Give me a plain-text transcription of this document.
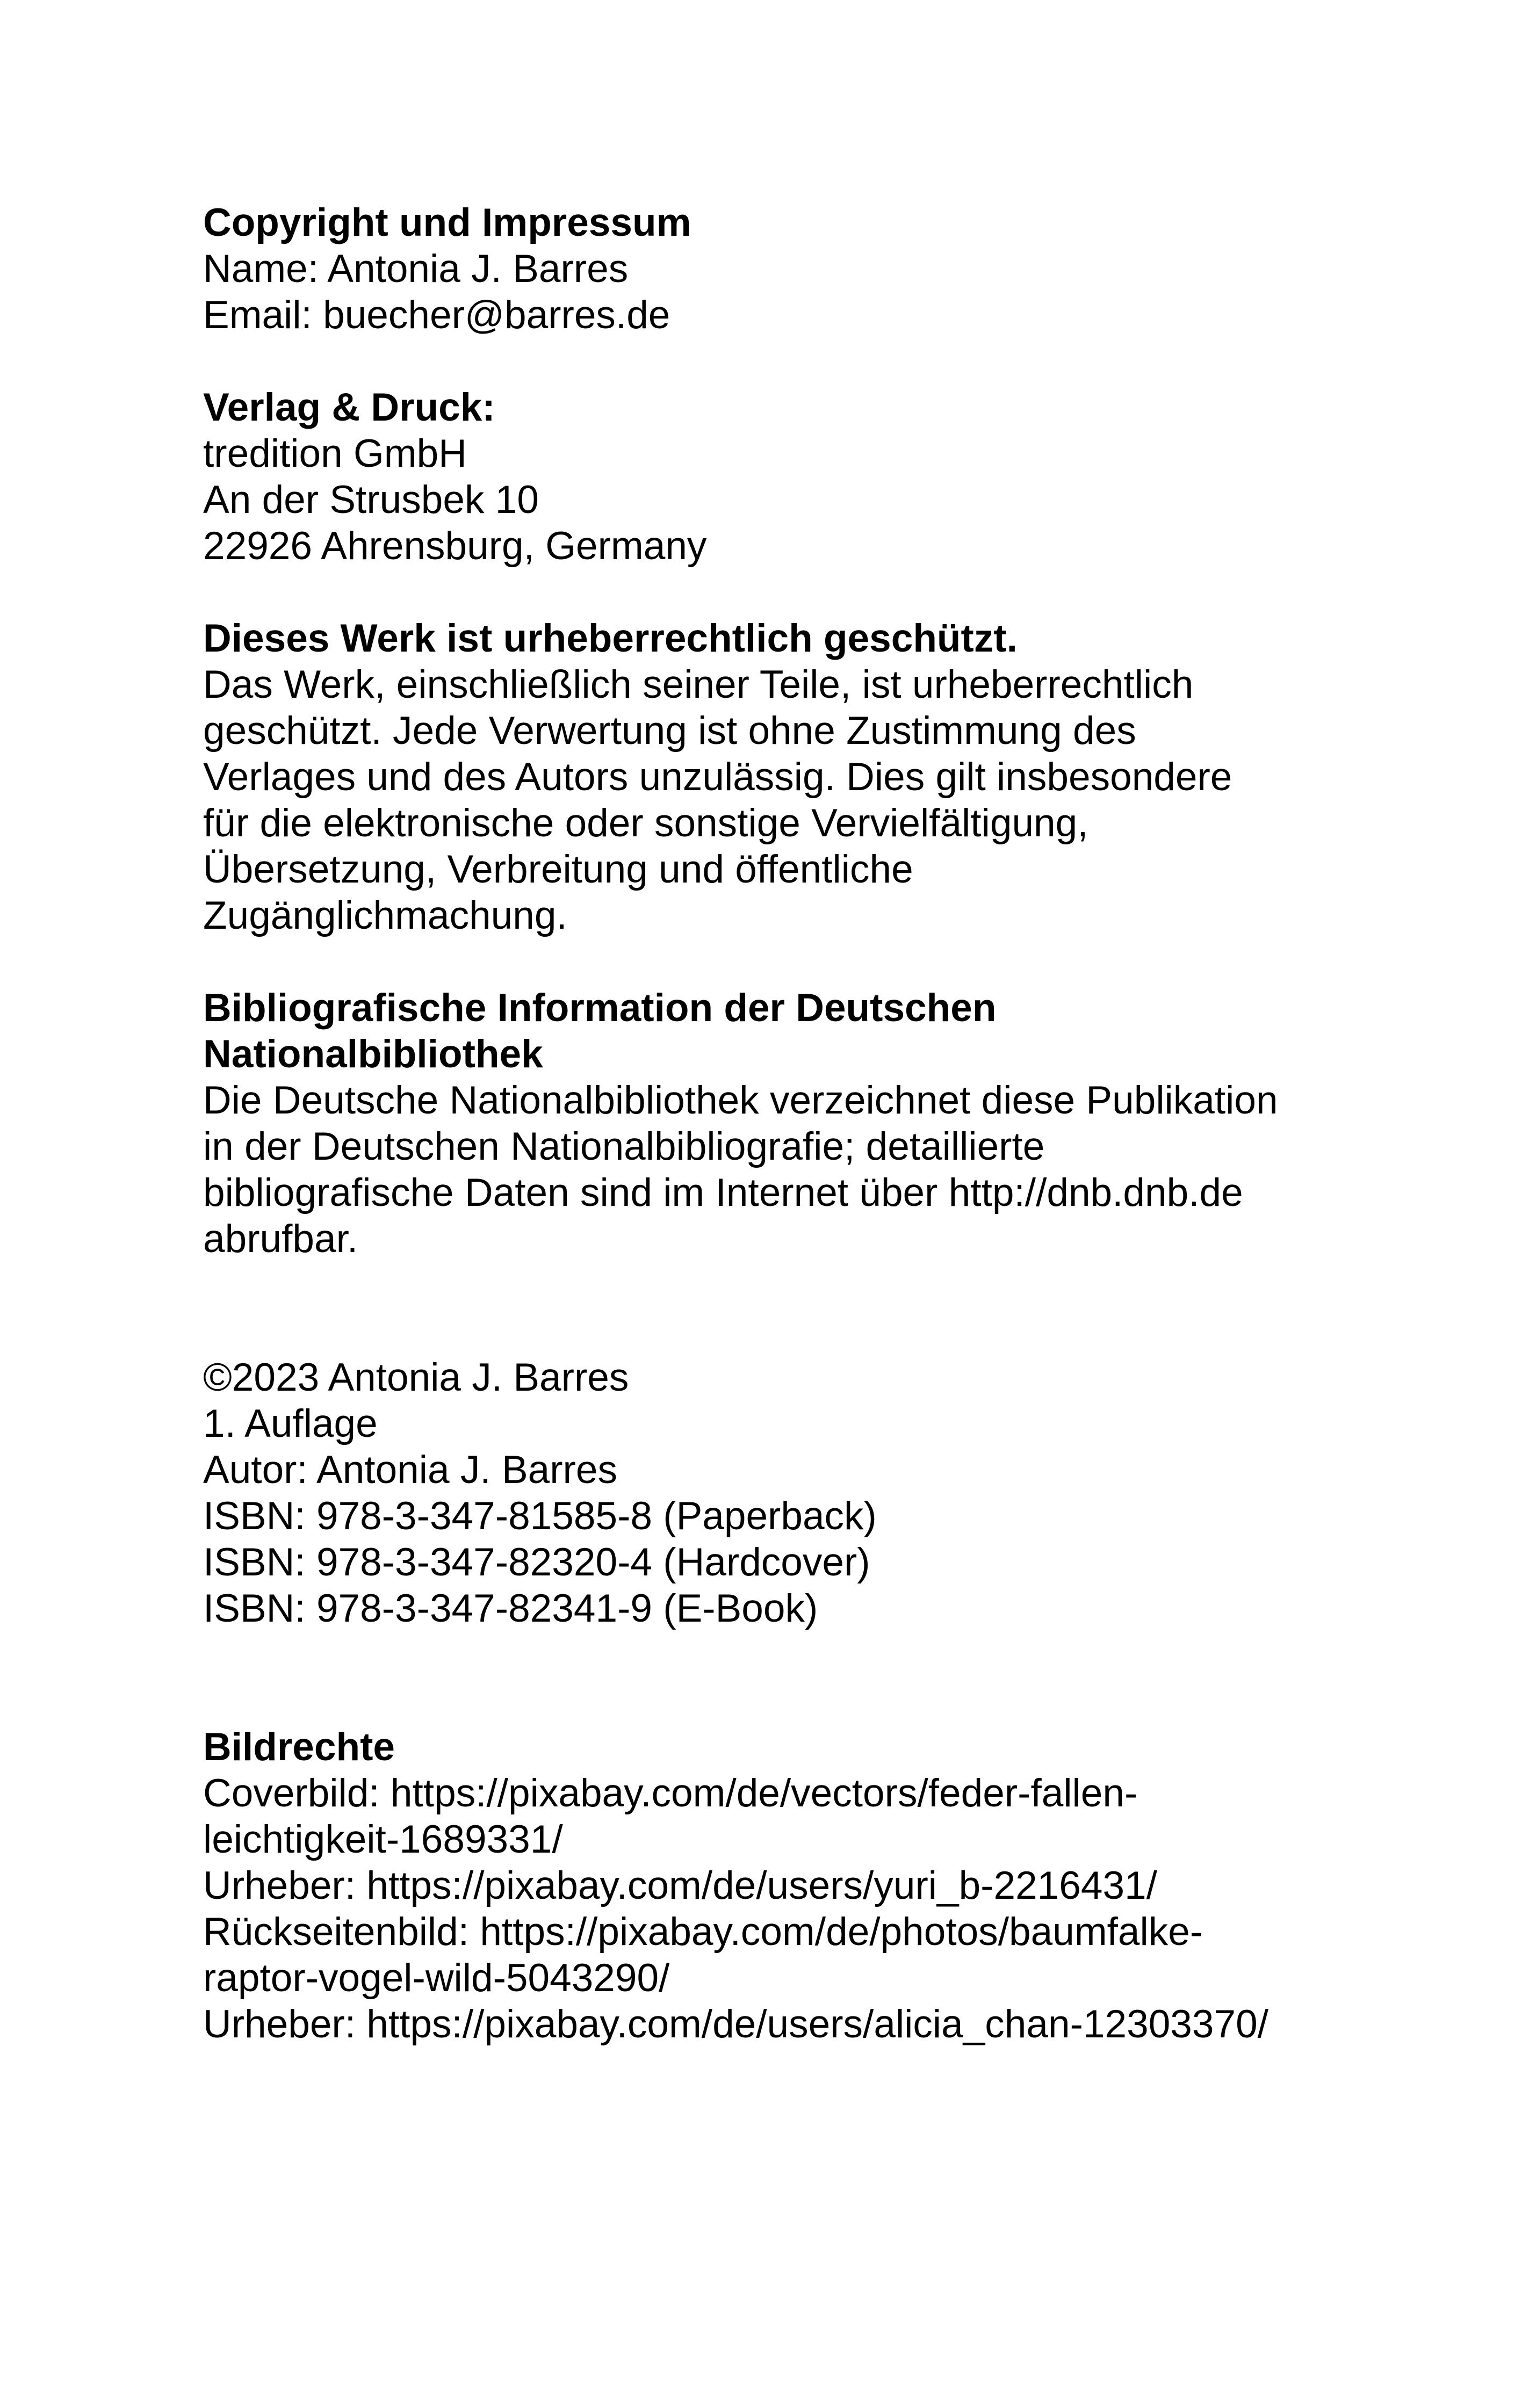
Copyright und Impressum
Name: Antonia J. Barres
Email: buecher@barres.de
Verlag & Druck:
tredition GmbH
An der Strusbek 10
22926 Ahrensburg, Germany
Dieses Werk ist urheberrechtlich geschützt.
Das Werk, einschließlich seiner Teile, ist urheberrechtlich
geschützt. Jede Verwertung ist ohne Zustimmung des
Verlages und des Autors unzulässig. Dies gilt insbesondere
für die elektronische oder sonstige Vervielfältigung,
Übersetzung, Verbreitung und öffentliche
Zugänglichmachung.
Bibliografische Information der Deutschen
Nationalbibliothek
Die Deutsche Nationalbibliothek verzeichnet diese Publikation
in der Deutschen Nationalbibliografie; detaillierte
bibliografische Daten sind im Internet über http://dnb.dnb.de
abrufbar.
©2023 Antonia J. Barres
1. Auflage
Autor: Antonia J. Barres
ISBN: 978-3-347-81585-8 (Paperback)
ISBN: 978-3-347-82320-4 (Hardcover)
ISBN: 978-3-347-82341-9 (E-Book)
Bildrechte
Coverbild: https://pixabay.com/de/vectors/feder-fallen-
leichtigkeit-1689331/
Urheber: https://pixabay.com/de/users/yuri_b-2216431/
Rückseitenbild: https://pixabay.com/de/photos/baumfalke-
raptor-vogel-wild-5043290/
Urheber: https://pixabay.com/de/users/alicia_chan-12303370/
